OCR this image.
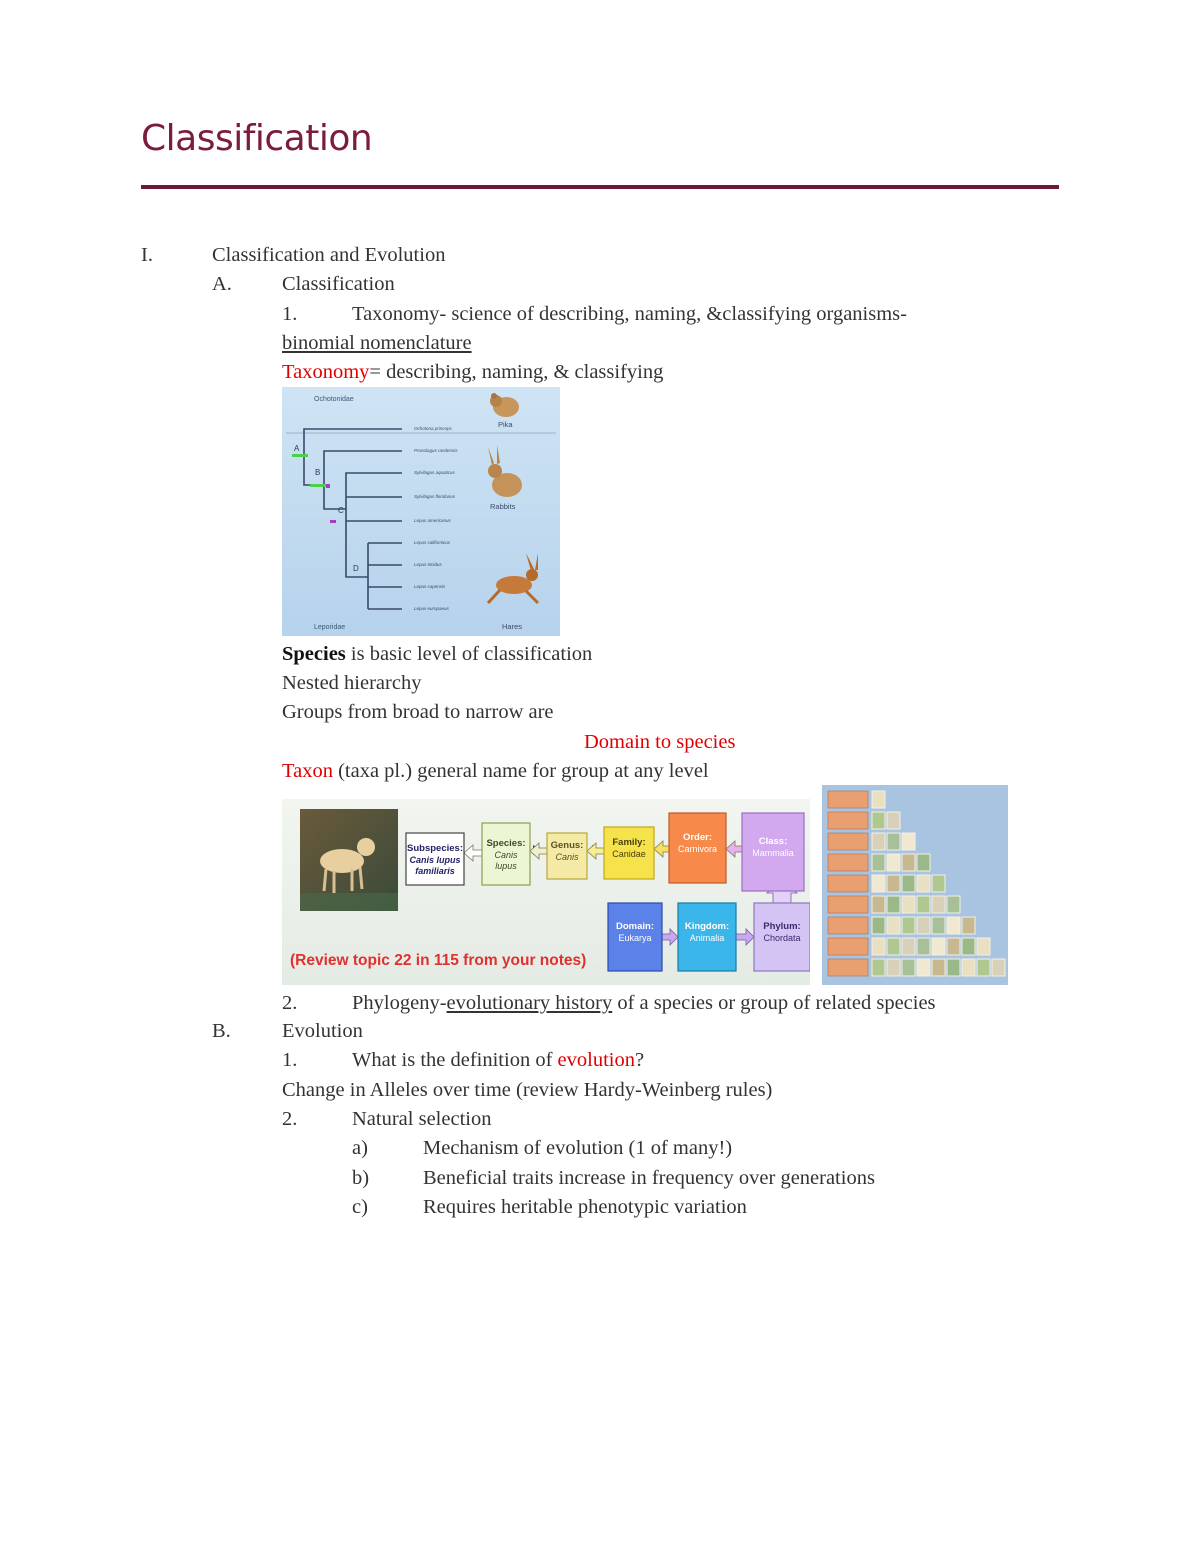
Classification
I.	Classification and Evolution
A. Classification
1.	Taxonomy- science of describing, naming, &classifying organisms-
binomial nomenclature
Taxonomy= describing, naming, & classifying
Ochotonidae
Leporidae
A
B
C
D
Ochotona princeps
Pronolagus randensis
Sylvilagus aquaticus
Sylvilagus floridanus
Lepus americanus
Lepus californicus
Lepus timidus
Lepus capensis
Lepus europaeus
Pika
Rabbits
Hares
Species is basic level of classification
Nested hierarchy
Groups from broad to narrow are
Domain to species
Taxon (taxa pl.) general name for group at any level
Subspecies:
Canis lupus
familiaris
Species:
Canis
lupus
Genus:
Canis
Family:
Canidae
Order:
Carnivora
Class:
Mammalia
Domain:
Eukarya
Kingdom:
Animalia
Phylum:
Chordata
(Review topic 22 in 115 from your notes)
2.	Phylogeny-evolutionary history of a species or group of related species
B. Evolution
1.	What is the definition of evolution?
Change in Alleles over time (review Hardy-Weinberg rules)
2.	Natural selection
a)	Mechanism of evolution (1 of many!)
b)	Beneficial traits increase in frequency over generations
c)	Requires heritable phenotypic variation
